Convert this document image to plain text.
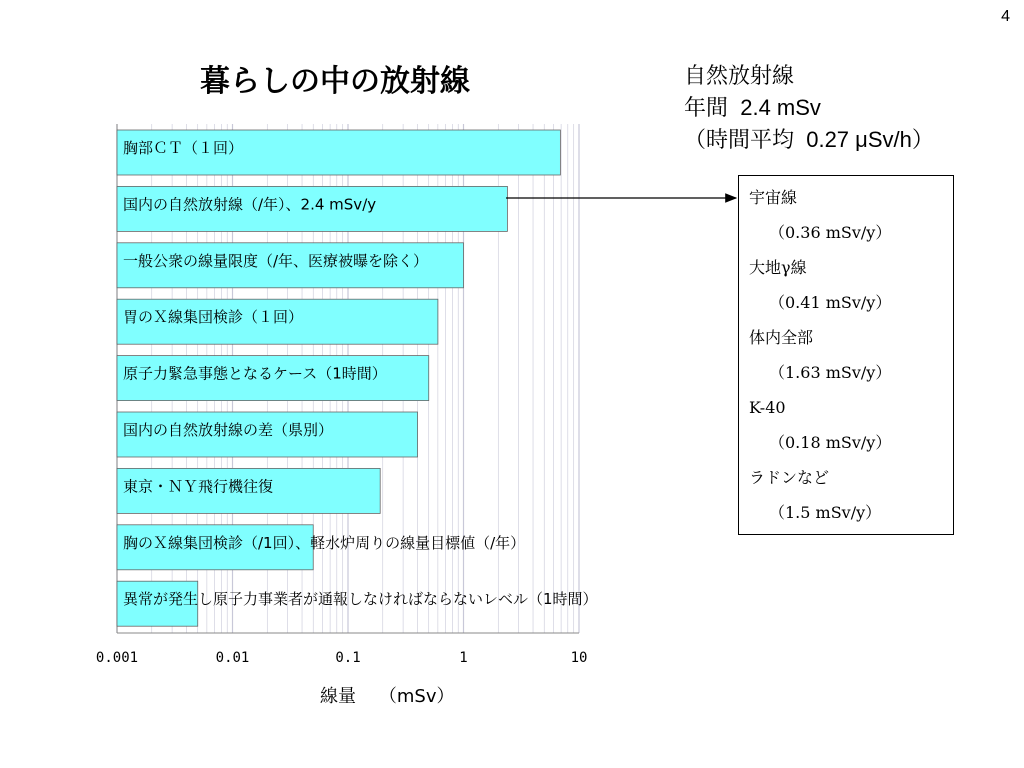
4
暮らしの中の放射線	自然放射線
年間  2.4 mSv
（時間平均  0.27 μSv/h）
胸部ＣＴ（１回）
国内の自然放射線（/年）、2.4 mSv/y
一般公衆の線量限度（/年、医療被曝を除く）
胃のＸ線集団検診（１回）
原子力緊急事態となるケース（1時間）
国内の自然放射線の差（県別）
東京・ＮＹ飛行機往復
胸のＸ線集団検診（/1回）、軽水炉周りの線量目標値（/年）
異常が発生し原子力事業者が通報しなければならないレベル（1時間）
0.001	0.01	0.1	1	10
宇宙線
（0.36 mSv/y）
大地γ線
（0.41 mSv/y）
体内全部
（1.63 mSv/y）
K-40
（0.18 mSv/y）
ラドンなど
（1.5 mSv/y）
線量    （mSv）
